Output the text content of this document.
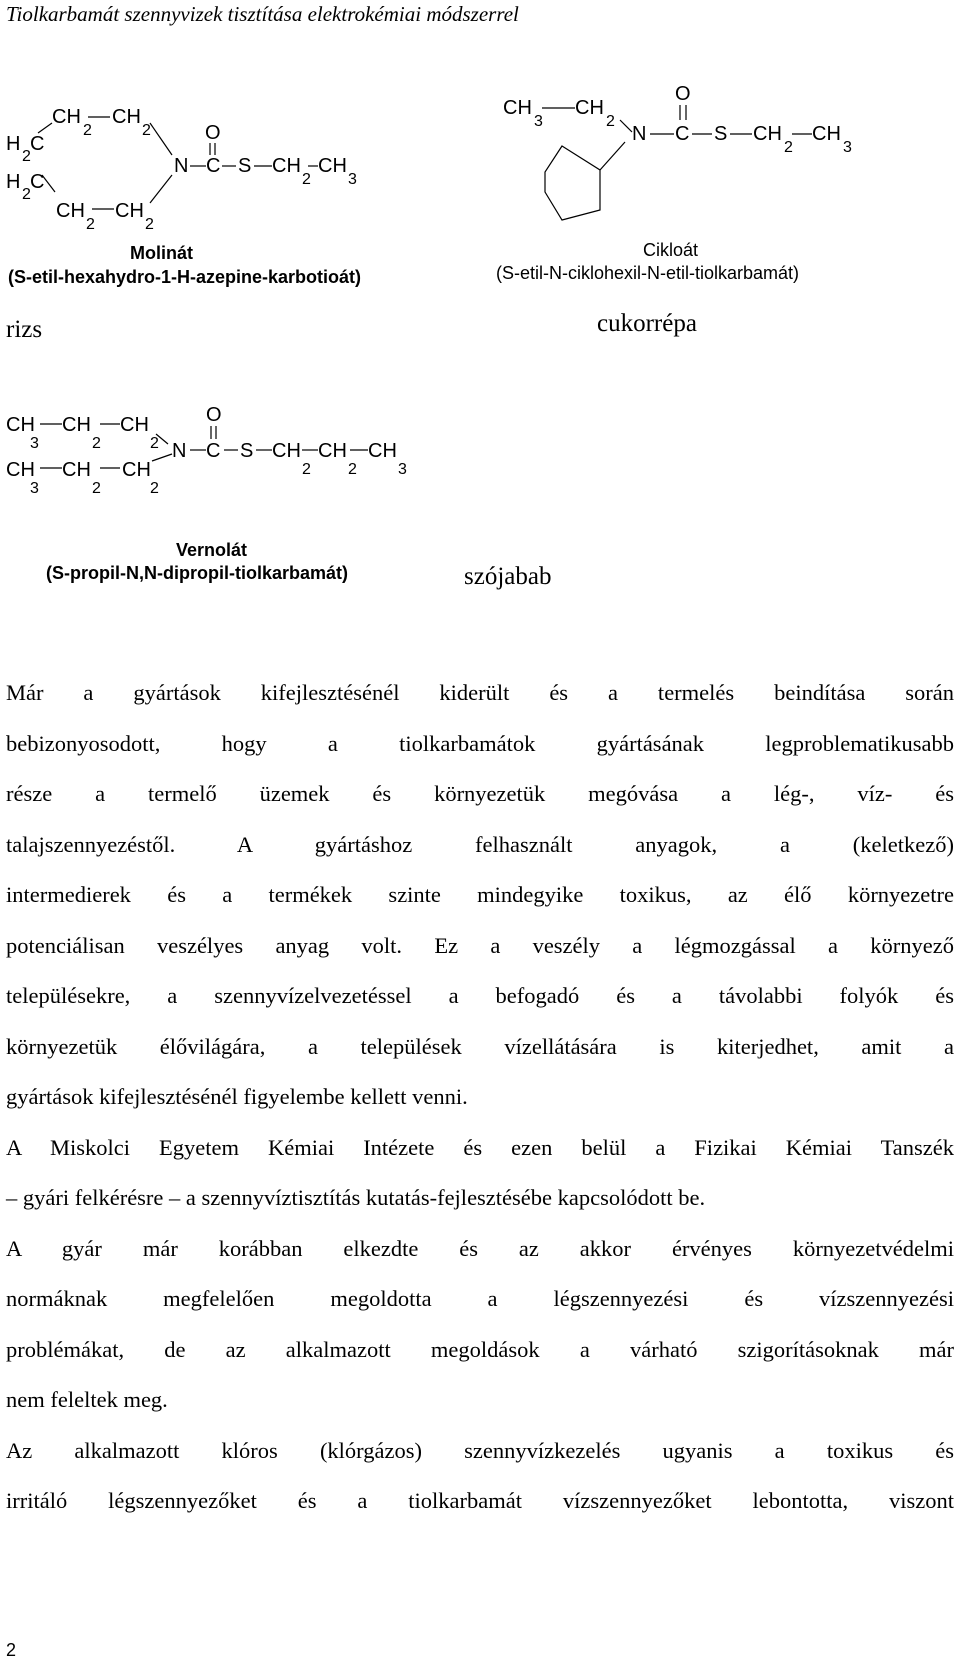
Tiolkarbamát szennyvizek tisztítása elektrokémiai módszerrel
CH
2
CH
2
H
2
C
H
2
C
CH
2
CH
2
N
O
C S CH
2
CH
3
Molinát
(S-etil-hexahydro-1-H-azepine-karbotioát)
rizs
CH
3
CH
2
N
O
C S CH
2
CH
3
Cikloát
(S-etil-N-ciklohexil-N-etil-tiolkarbamát)
cukorrépa
CH
3
CH
2
CH
2
CH
3
CH
2
CH
2
N
O
C S CH
2
CH
2
CH
3
Vernolát
(S-propil-N,N-dipropil-tiolkarbamát)	szójabab

Már a gyártások kifejlesztésénél kiderült és a termelés beindítása során
bebizonyosodott, hogy a tiolkarbamátok gyártásának legproblematikusabb
része a termelő üzemek és környezetük megóvása a lég-, víz- és
talajszennyezéstől. A gyártáshoz felhasznált anyagok, a (keletkező)
intermedierek és a termékek szinte mindegyike toxikus, az élő környezetre
potenciálisan veszélyes anyag volt. Ez a veszély a légmozgással a környező
településekre, a szennyvízelvezetéssel a befogadó és a távolabbi folyók és
környezetük élővilágára, a települések vízellátására is kiterjedhet, amit a
gyártások kifejlesztésénél figyelembe kellett venni.

A Miskolci Egyetem Kémiai Intézete és ezen belül a Fizikai Kémiai Tanszék
– gyári felkérésre – a szennyvíztisztítás kutatás-fejlesztésébe kapcsolódott be.

A gyár már korábban elkezdte és az akkor érvényes környezetvédelmi
normáknak megfelelően megoldotta a légszennyezési és vízszennyezési
problémákat, de az alkalmazott megoldások a várható szigorításoknak már
nem feleltek meg.

Az alkalmazott klóros (klórgázos) szennyvízkezelés ugyanis a toxikus és
irritáló légszennyezőket és a tiolkarbamát vízszennyezőket lebontotta, viszont

2
